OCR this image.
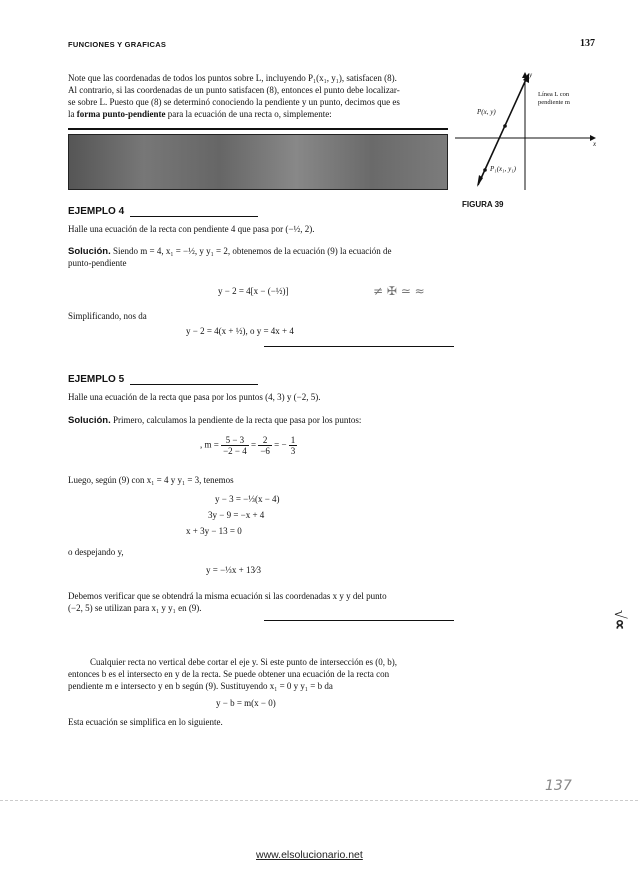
FUNCIONES Y GRAFICAS	137
Note que las coordenadas de todos los puntos sobre L, incluyendo P₁(x₁, y₁), satisfacen (8).
Al contrario, si las coordenadas de un punto satisfacen (8), entonces el punto debe localizar-
se sobre L. Puesto que (8) se determinó conociendo la pendiente y un punto, decimos que es
la forma punto-pendiente para la ecuación de una recta o, simplemente:
y
x
Línea L con
pendiente m
P(x, y)
P₁(x₁, y₁)
FIGURA 39
EJEMPLO 4
Halle una ecuación de la recta con pendiente 4 que pasa por (−½, 2).
Solución. Siendo m = 4, x₁ = −½, y y₁ = 2, obtenemos de la ecuación (9) la ecuación de
punto-pendiente
y − 2 = 4[x − (−½)]	≠ ✠ ≃ ≈
Simplificando, nos da
y − 2 = 4(x + ½), o y = 4x + 4
EJEMPLO 5
Halle una ecuación de la recta que pasa por los puntos (4, 3) y (−2, 5).
Solución. Primero, calculamos la pendiente de la recta que pasa por los puntos:
, $m = \frac{5 - 3}{-2 - 4} = \frac{2}{-6}$ = − $\frac{1}{3}$
Luego, según (9) con x₁ = 4 y y₁ = 3, tenemos
y − 3 = −⅓(x − 4)
3y − 9 = −x + 4
x + 3y − 13 = 0
o despejando y,
y = −⅓x + 13⁄3
Debemos verificar que se obtendrá la misma ecuación si las coordenadas x y y del punto
(−2, 5) se utilizan para x₁ y y₁ en (9).
√∝
Cualquier recta no vertical debe cortar el eje y. Si este punto de intersección es (0, b),
entonces b es el intersecto en y de la recta. Se puede obtener una ecuación de la recta con
pendiente m e intersecto y en b según (9). Sustituyendo x₁ = 0 y y₁ = b da
y − b = m(x − 0)
Esta ecuación se simplifica en lo siguiente.
137
www.elsolucionario.net
